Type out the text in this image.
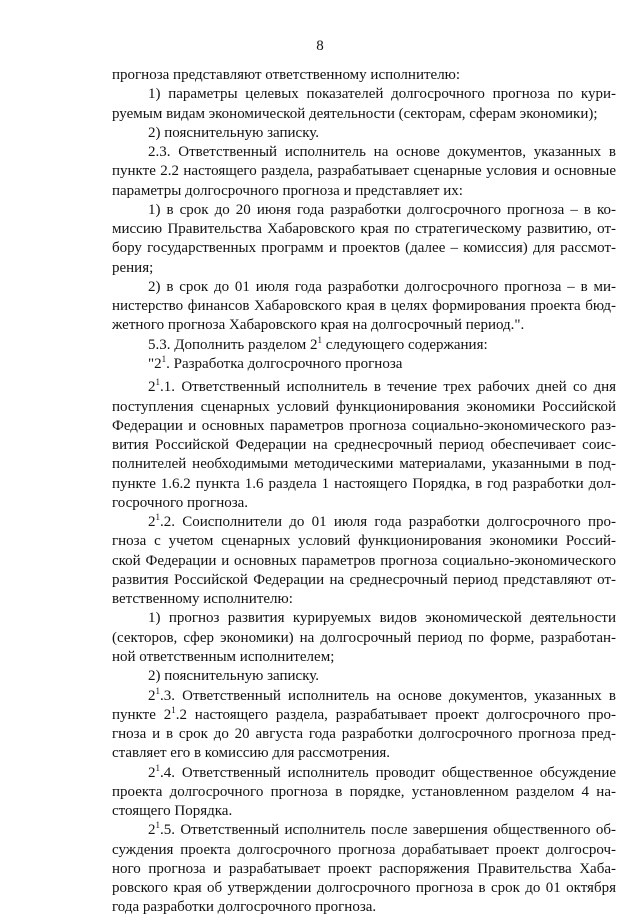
8
прогноза представляют ответственному исполнителю:
1) параметры целевых показателей долгосрочного прогноза по кури-
руемым видам экономической деятельности (секторам, сферам экономики);
2) пояснительную записку.
2.3. Ответственный исполнитель на основе документов, указанных в
пункте 2.2 настоящего раздела, разрабатывает сценарные условия и основные
параметры долгосрочного прогноза и представляет их:
1) в срок до 20 июня года разработки долгосрочного прогноза – в ко-
миссию Правительства Хабаровского края по стратегическому развитию, от-
бору государственных программ и проектов (далее – комиссия) для рассмот-
рения;
2) в срок до 01 июля года разработки долгосрочного прогноза – в ми-
нистерство финансов Хабаровского края в целях формирования проекта бюд-
жетного прогноза Хабаровского края на долгосрочный период.".
5.3. Дополнить разделом $2^1$ следующего содержания:
"$2^1$. Разработка долгосрочного прогноза
$2^1.1$. Ответственный исполнитель в течение трех рабочих дней со дня
поступления сценарных условий функционирования экономики Российской
Федерации и основных параметров прогноза социально-экономического раз-
вития Российской Федерации на среднесрочный период обеспечивает соис-
полнителей необходимыми методическими материалами, указанными в под-
пункте 1.6.2 пункта 1.6 раздела 1 настоящего Порядка, в год разработки дол-
госрочного прогноза.
$2^1.2$. Соисполнители до 01 июля года разработки долгосрочного про-
гноза с учетом сценарных условий функционирования экономики Россий-
ской Федерации и основных параметров прогноза социально-экономического
развития Российской Федерации на среднесрочный период представляют от-
ветственному исполнителю:
1) прогноз развития курируемых видов экономической деятельности
(секторов, сфер экономики) на долгосрочный период по форме, разработан-
ной ответственным исполнителем;
2) пояснительную записку.
$2^1.3$. Ответственный исполнитель на основе документов, указанных в
пункте $2^1.2$ настоящего раздела, разрабатывает проект долгосрочного про-
гноза и в срок до 20 августа года разработки долгосрочного прогноза пред-
ставляет его в комиссию для рассмотрения.
$2^1.4$. Ответственный исполнитель проводит общественное обсуждение
проекта долгосрочного прогноза в порядке, установленном разделом 4 на-
стоящего Порядка.
$2^1.5$. Ответственный исполнитель после завершения общественного об-
суждения проекта долгосрочного прогноза дорабатывает проект долгосроч-
ного прогноза и разрабатывает проект распоряжения Правительства Хаба-
ровского края об утверждении долгосрочного прогноза в срок до 01 октября
года разработки долгосрочного прогноза.
